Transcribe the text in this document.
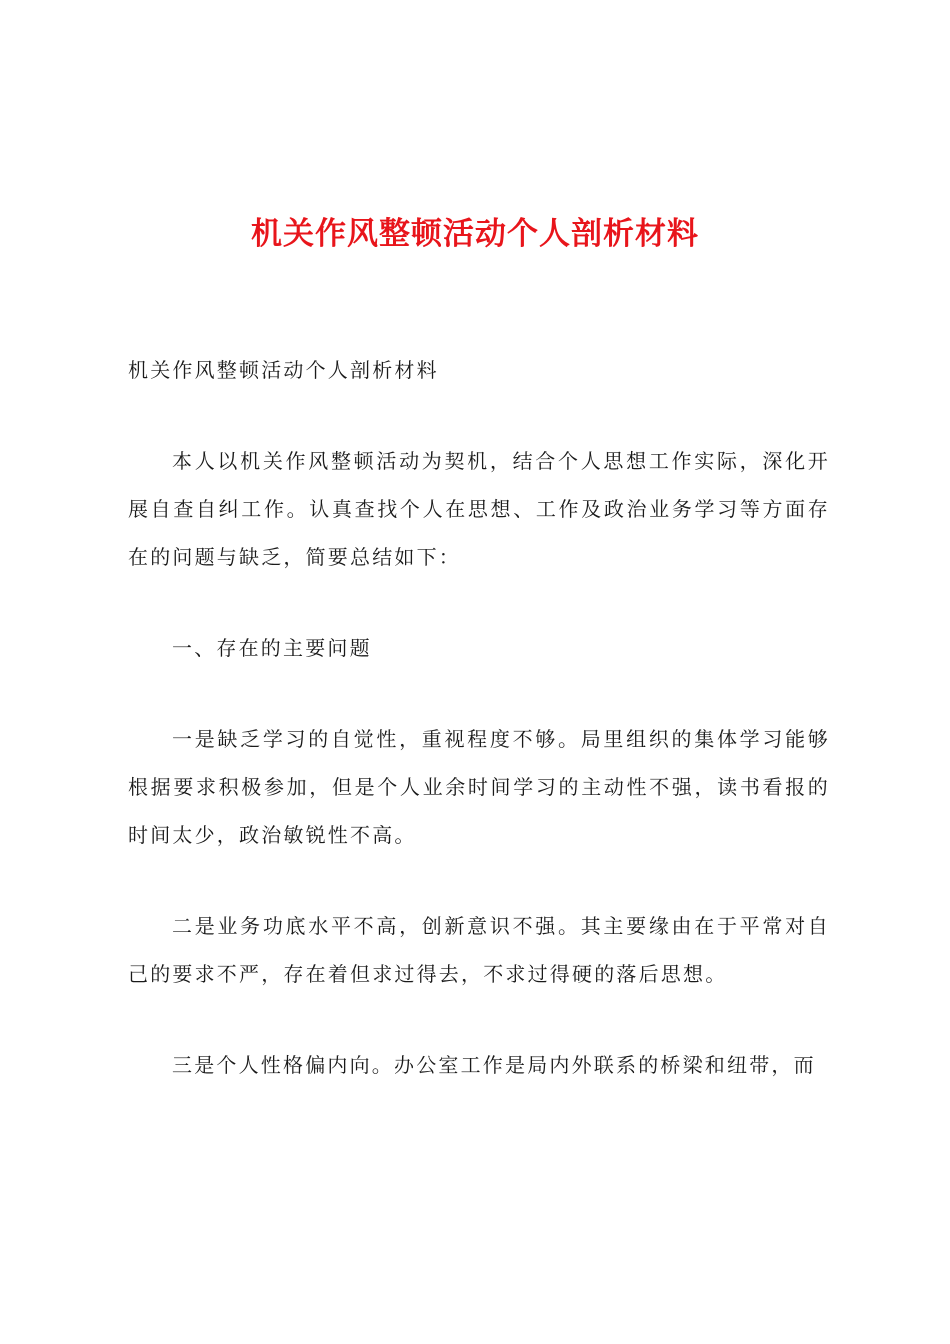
机关作风整顿活动个人剖析材料

机关作风整顿活动个人剖析材料

本人以机关作风整顿活动为契机，结合个人思想工作实际，深化开展自查自纠工作。认真查找个人在思想、工作及政治业务学习等方面存在的问题与缺乏，简要总结如下：

一、存在的主要问题

一是缺乏学习的自觉性，重视程度不够。局里组织的集体学习能够根据要求积极参加，但是个人业余时间学习的主动性不强，读书看报的时间太少，政治敏锐性不高。

二是业务功底水平不高，创新意识不强。其主要缘由在于平常对自己的要求不严，存在着但求过得去，不求过得硬的落后思想。

三是个人性格偏内向。办公室工作是局内外联系的桥梁和纽带，而
